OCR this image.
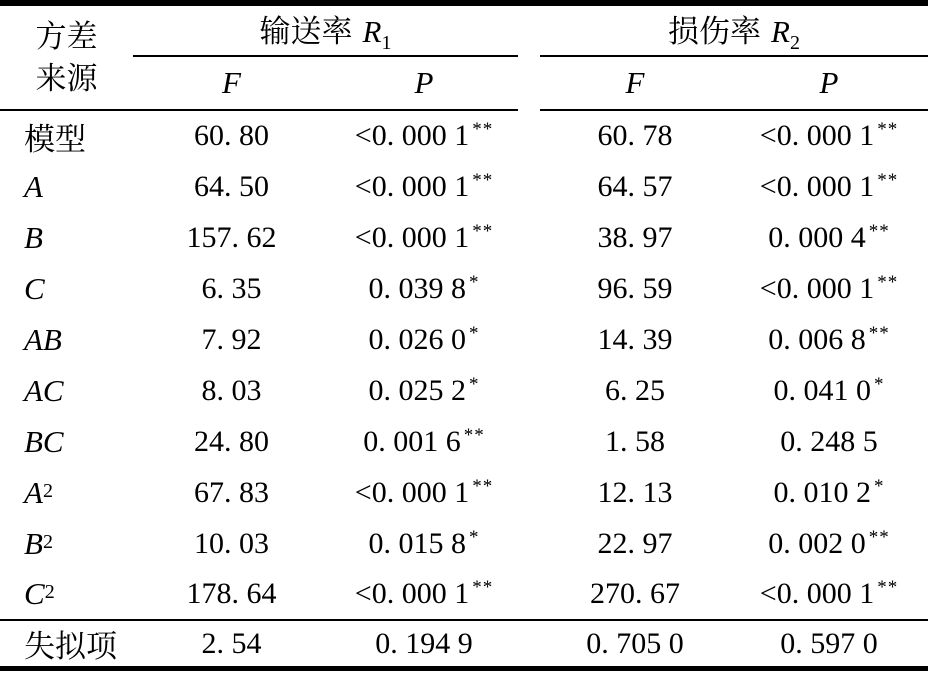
方差
来源	输送率 $R_1$			损伤率 $R_2$
	F	P		F	P
模型	60. 80	<0. 000 1 **		60. 78	<0. 000 1 **
A	64. 50	<0. 000 1 **		64. 57	<0. 000 1 **
B	157. 62	<0. 000 1 **		38. 97	0. 000 4 **
C	6. 35	0. 039 8 *		96. 59	<0. 000 1 **
AB	7. 92	0. 026 0 *		14. 39	0. 006 8 **
AC	8. 03	0. 025 2 *		6. 25	0. 041 0 *
BC	24. 80	0. 001 6 **		1. 58	0. 248 5
$A^2$	67. 83	<0. 000 1 **		12. 13	0. 010 2 *
$B^2$	10. 03	0. 015 8 *		22. 97	0. 002 0 **
$C^2$	178. 64	<0. 000 1 **		270. 67	<0. 000 1 **
失拟项	2. 54	0. 194 9		0. 705 0	0. 597 0
